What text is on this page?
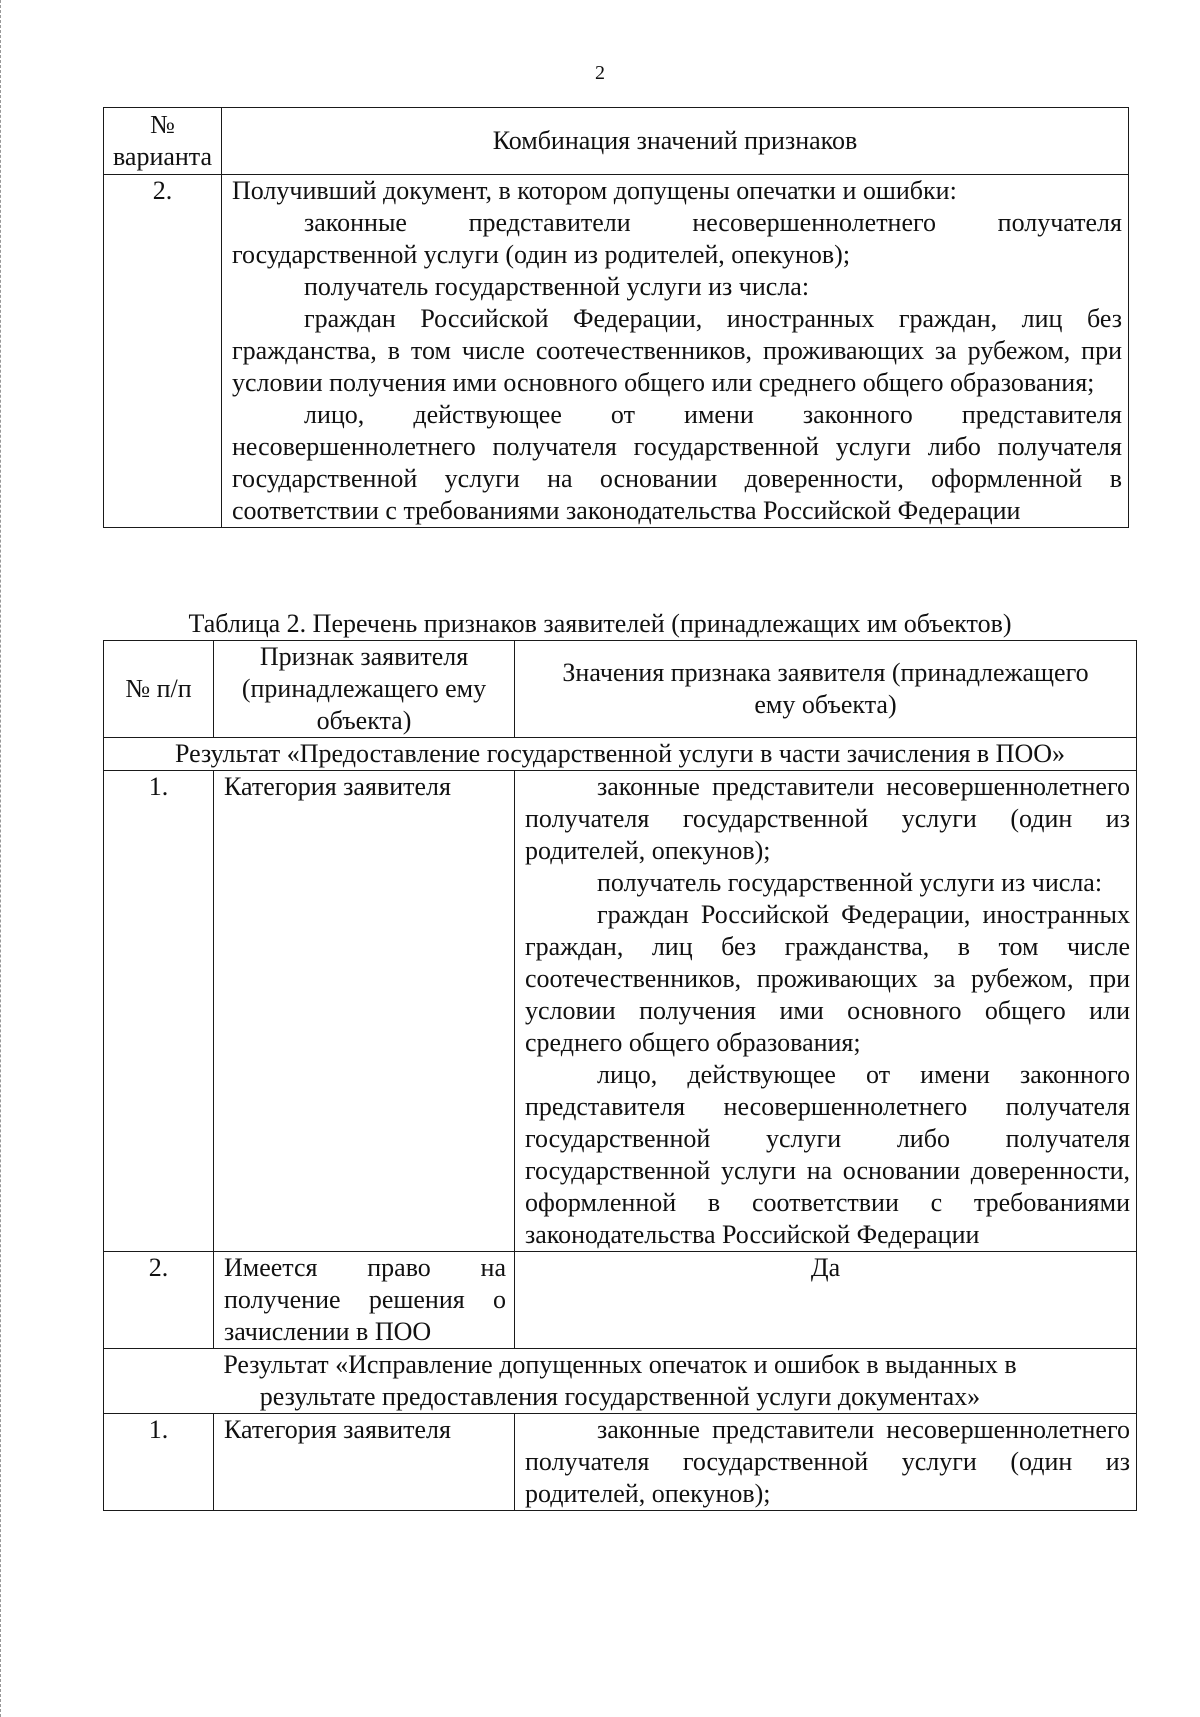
2
№ варианта	Комбинация значений признаков
2.	Получивший документ, в котором допущены опечатки и ошибки:

законные представители несовершеннолетнего получателя государственной услуги (один из родителей, опекунов);

получатель государственной услуги из числа:

граждан Российской Федерации, иностранных граждан, лиц без гражданства, в том числе соотечественников, проживающих за рубежом, при условии получения ими основного общего или среднего общего образования;

лицо, действующее от имени законного представителя несовершеннолетнего получателя государственной услуги либо получателя государственной услуги на основании доверенности, оформленной в соответствии с требованиями законодательства Российской Федерации

Таблица 2. Перечень признаков заявителей (принадлежащих им объектов)
№ п/п	Признак заявителя (принадлежащего ему объекта)	Значения признака заявителя (принадлежащего ему объекта)
Результат «Предоставление государственной услуги в части зачисления в ПОО»		
1.	Категория заявителя	законные представители несовершеннолетнего получателя государственной услуги (один из родителей, опекунов);

получатель государственной услуги из числа:

граждан Российской Федерации, иностранных граждан, лиц без гражданства, в том числе соотечественников, проживающих за рубежом, при условии получения ими основного общего или среднего общего образования;

лицо, действующее от имени законного представителя несовершеннолетнего получателя государственной услуги либо получателя государственной услуги на основании доверенности, оформленной в соответствии с требованиями законодательства Российской Федерации

2.	Имеется право на получение решения о зачислении в ПОО	Да
Результат «Исправление допущенных опечаток и ошибок в выданных в результате предоставления государственной услуги документах»		
1.	Категория заявителя	законные представители несовершеннолетнего получателя государственной услуги (один из родителей, опекунов);
